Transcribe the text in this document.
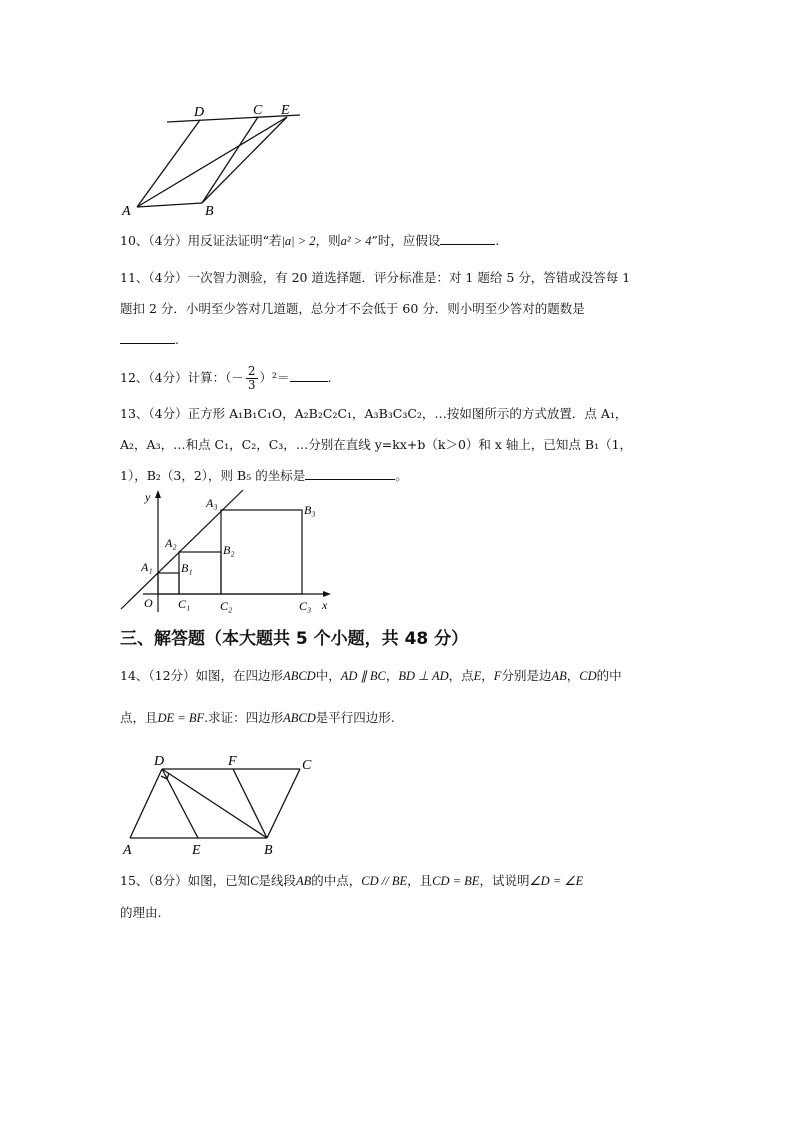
A	B
D	C E
10、（4分）用反证法证明“若|a| > 2，则a² > 4”时，应假设	.
11、（4分）一次智力测验，有 20 道选择题．评分标准是：对 1 题给 5 分，答错或没答每 1
题扣 2 分．小明至少答对几道题，总分才不会低于 60 分．则小明至少答对的题数是
.
12、（4分）计算：（－ $\frac{2}{3} )^2=$	.
13、（4分）正方形 A₁B₁C₁O，A₂B₂C₂C₁，A₃B₃C₃C₂，…按如图所示的方式放置．点 A₁，
A₂，A₃，…和点 C₁，C₂，C₃，…分别在直线 y=kx+b（k＞0）和 x 轴上，已知点 B₁（1，
1），B₂（3，2），则 B₅ 的坐标是	。
y
x
O
A₁
A₂
A₃
B₁
B₂
B₃
C₁ C₂	C₃
三、解答题（本大题共 5 个小题，共 48 分）
14、（12分）如图，在四边形ABCD中，AD ∥ BC，BD ⊥ AD，点E，F分别是边AB，CD的中
点，且DE = BF.求证：四边形ABCD是平行四边形.
D	F	C
A	E	B
15、（8分）如图，已知C是线段AB的中点，CD // BE，且CD = BE，试说明∠D = ∠E
的理由.
